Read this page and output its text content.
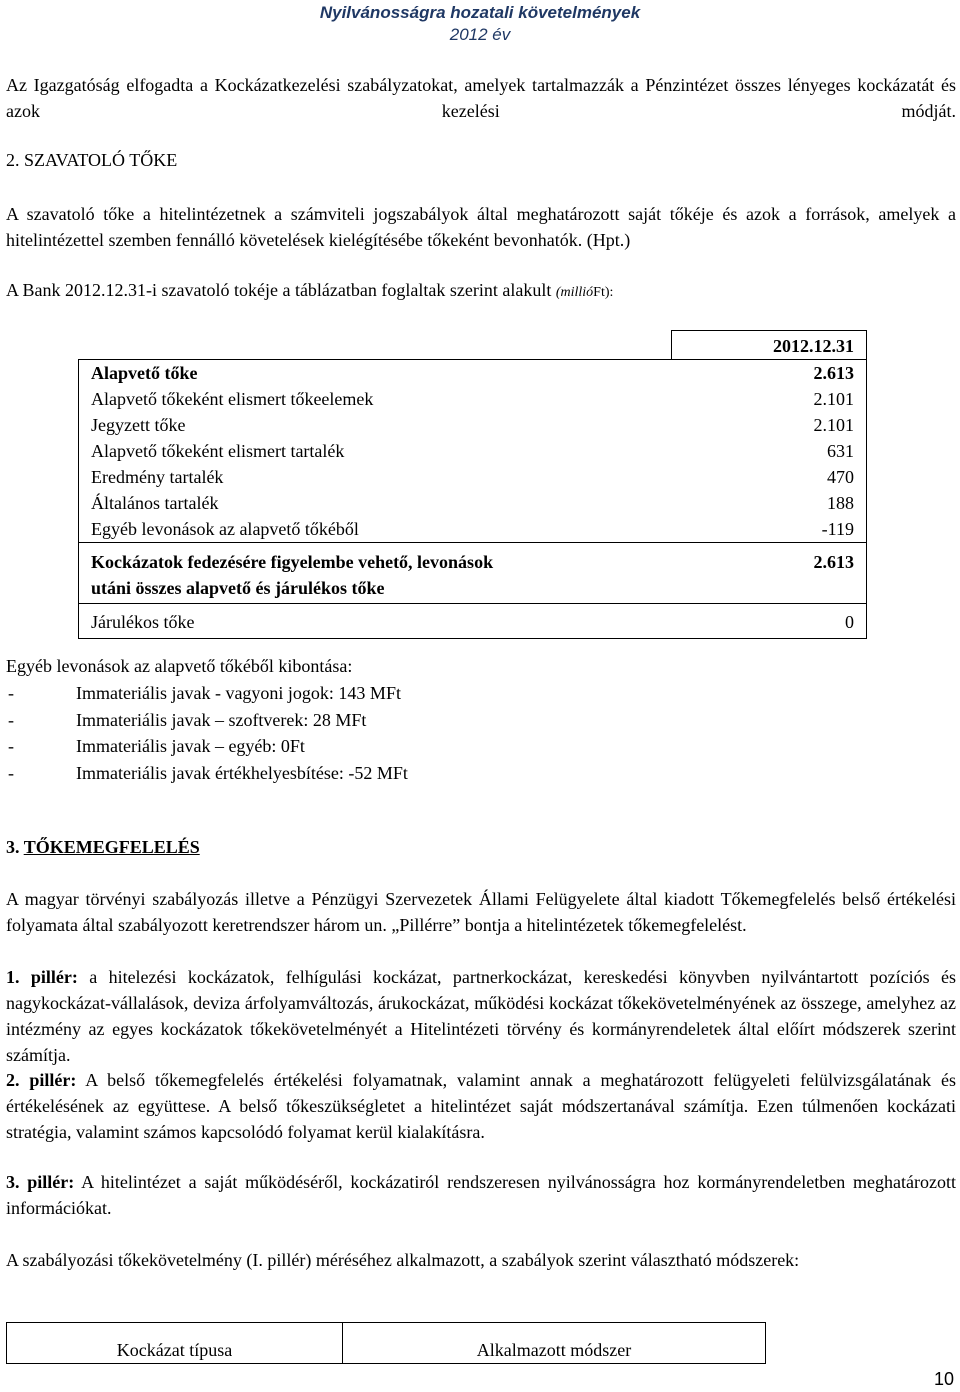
Nyilvánosságra hozatali követelmények
2012 év

Az Igazgatóság elfogadta a Kockázatkezelési szabályzatokat, amelyek tartalmazzák a Pénzintézet összes lényeges kockázatát és azok kezelési módját.

2. SZAVATOLÓ TŐKE

A szavatoló tőke a hitelintézetnek a számviteli jogszabályok által meghatározott saját tőkéje és azok a források, amelyek a hitelintézettel szemben fennálló követelések kielégítésébe tőkeként bevonhatók. (Hpt.)

A Bank 2012.12.31-i szavatoló tokéje a táblázatban foglaltak szerint alakult (millióFt):

	2012.12.31
Alapvető tőke	2.613
Alapvető tőkeként elismert tőkeelemek	2.101
Jegyzett tőke	2.101
Alapvető tőkeként elismert tartalék	631
Eredmény tartalék	470
Általános tartalék	188
Egyéb levonások az alapvető tőkéből	-119
Kockázatok fedezésére figyelembe vehető, levonások
utáni összes alapvető és járulékos tőke	2.613
Járulékos tőke	0

Egyéb levonások az alapvető tőkéből kibontása:

- Immateriális javak - vagyoni jogok: 143 MFt
- Immateriális javak – szoftverek: 28 MFt
- Immateriális javak – egyéb: 0Ft
- Immateriális javak értékhelyesbítése: -52 MFt

3. TŐKEMEGFELELÉS

A magyar törvényi szabályozás illetve a Pénzügyi Szervezetek Állami Felügyelete által kiadott Tőkemegfelelés belső értékelési folyamata által szabályozott keretrendszer három un. „Pillérre” bontja a hitelintézetek tőkemegfelelést.

1. pillér: a hitelezési kockázatok, felhígulási kockázat, partnerkockázat, kereskedési könyvben nyilvántartott pozíciós és nagykockázat-vállalások, deviza árfolyamváltozás, árukockázat, működési kockázat tőkekövetelményének az összege, amelyhez az intézmény az egyes kockázatok tőkekövetelményét a Hitelintézeti törvény és kormányrendeletek által előírt módszerek szerint számítja.

2. pillér: A belső tőkemegfelelés értékelési folyamatnak, valamint annak a meghatározott felügyeleti felülvizsgálatának és értékelésének az együttese. A belső tőkeszükségletet a hitelintézet saját módszertanával számítja. Ezen túlmenően kockázati stratégia, valamint számos kapcsolódó folyamat kerül kialakításra.

3. pillér: A hitelintézet a saját működéséről, kockázatiról rendszeresen nyilvánosságra hoz kormányrendeletben meghatározott információkat.

A szabályozási tőkekövetelmény (I. pillér) méréséhez alkalmazott, a szabályok szerint választható módszerek:

Kockázat típusa	Alkalmazott módszer
10
